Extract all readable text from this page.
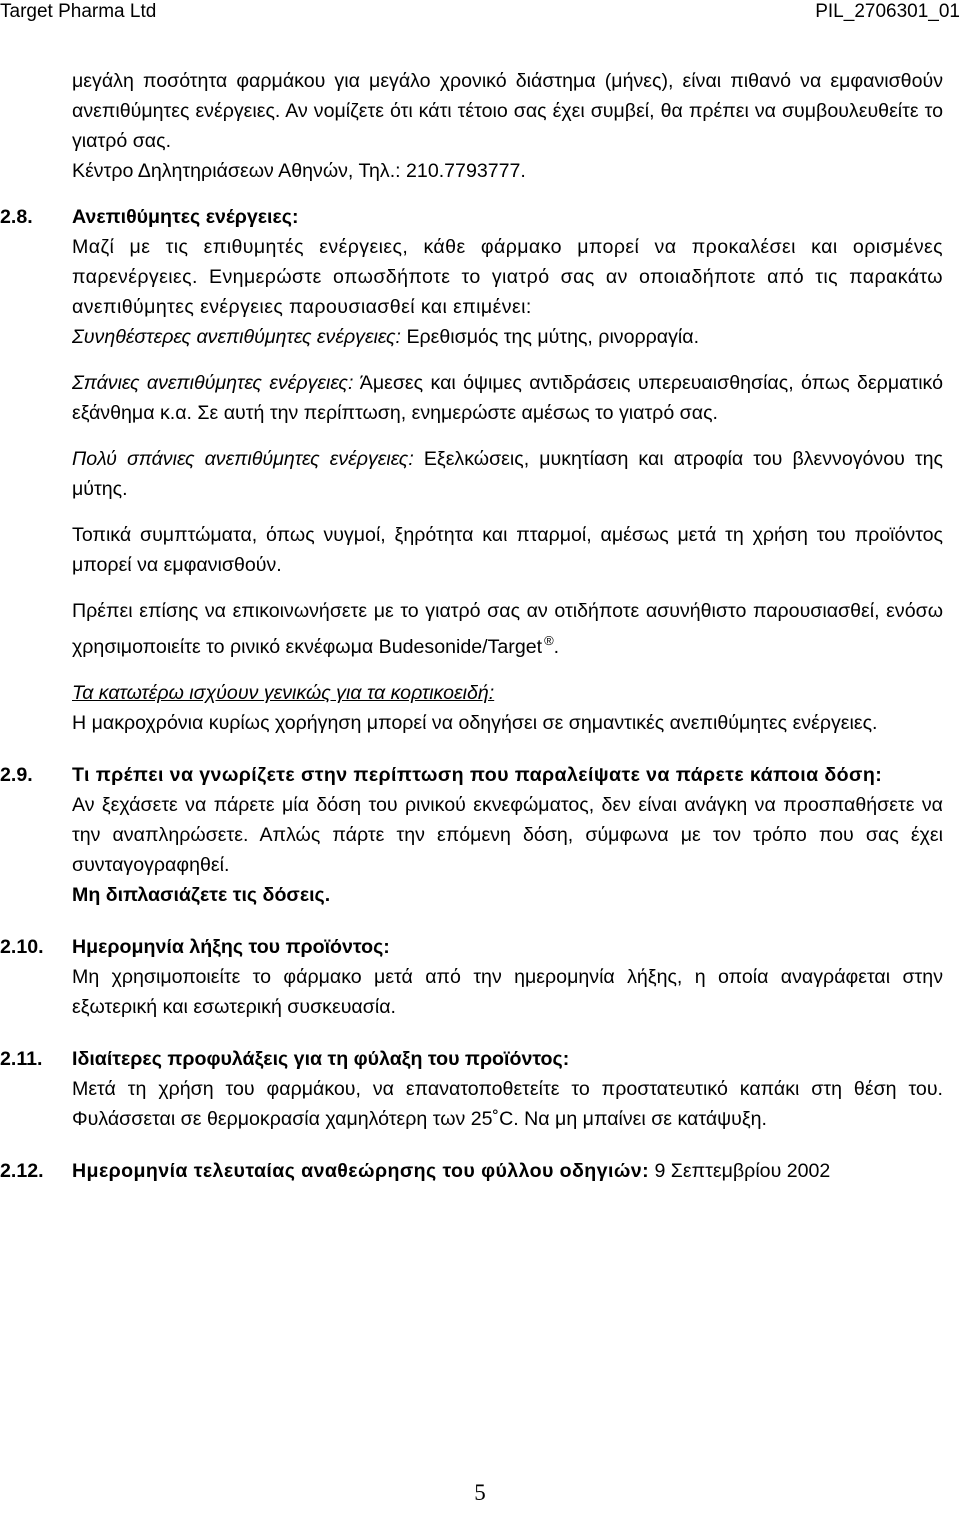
Target Pharma Ltd	PIL_2706301_01
μεγάλη ποσότητα φαρμάκου για μεγάλο χρονικό διάστημα (μήνες), είναι πιθανό να εμφανισθούν ανεπιθύμητες ενέργειες. Αν νομίζετε ότι κάτι τέτοιο σας έχει συμβεί, θα πρέπει να συμβουλευθείτε το γιατρό σας.
Κέντρο Δηλητηριάσεων Αθηνών, Τηλ.: 210.7793777.
2.8.	Ανεπιθύμητες ενέργειες:
Μαζί με τις επιθυμητές ενέργειες, κάθε φάρμακο μπορεί να προκαλέσει και ορισμένες παρενέργειες. Ενημερώστε οπωσδήποτε το γιατρό σας αν οποιαδήποτε από τις παρακάτω ανεπιθύμητες ενέργειες παρουσιασθεί και επιμένει:
Συνηθέστερες ανεπιθύμητες ενέργειες: Ερεθισμός της μύτης, ρινορραγία.
Σπάνιες ανεπιθύμητες ενέργειες: Άμεσες και όψιμες αντιδράσεις υπερευαισθησίας, όπως δερματικό εξάνθημα κ.α. Σε αυτή την περίπτωση, ενημερώστε αμέσως το γιατρό σας.
Πολύ σπάνιες ανεπιθύμητες ενέργειες: Εξελκώσεις, μυκητίαση και ατροφία του βλεννογόνου της μύτης.
Τοπικά συμπτώματα, όπως νυγμοί, ξηρότητα και πταρμοί, αμέσως μετά τη χρήση του προϊόντος μπορεί να εμφανισθούν.
Πρέπει επίσης να επικοινωνήσετε με το γιατρό σας αν οτιδήποτε ασυνήθιστο παρουσιασθεί, ενόσω χρησιμοποιείτε το ρινικό εκνέφωμα Budesonide/Target ®.
Τα κατωτέρω ισχύουν γενικώς για τα κορτικοειδή:
Η μακροχρόνια κυρίως χορήγηση μπορεί να οδηγήσει σε σημαντικές ανεπιθύμητες ενέργειες.
2.9.	Τι πρέπει να γνωρίζετε στην περίπτωση που παραλείψατε να πάρετε κάποια δόση:
Αν ξεχάσετε να πάρετε μία δόση του ρινικού εκνεφώματος, δεν είναι ανάγκη να προσπαθήσετε να την αναπληρώσετε. Απλώς πάρτε την επόμενη δόση, σύμφωνα με τον τρόπο που σας έχει συνταγογραφηθεί.
Μη διπλασιάζετε τις δόσεις.
2.10.	Ημερομηνία λήξης του προϊόντος:
Μη χρησιμοποιείτε το φάρμακο μετά από την ημερομηνία λήξης, η οποία αναγράφεται στην εξωτερική και εσωτερική συσκευασία.
2.11.	Ιδιαίτερες προφυλάξεις για τη φύλαξη του προϊόντος:
Μετά τη χρήση του φαρμάκου, να επανατοποθετείτε το προστατευτικό καπάκι στη θέση του. Φυλάσσεται σε θερμοκρασία χαμηλότερη των 25˚C. Να μη μπαίνει σε κατάψυξη.
2.12.	Ημερομηνία τελευταίας αναθεώρησης του φύλλου οδηγιών: 9 Σεπτεμβρίου 2002
5
